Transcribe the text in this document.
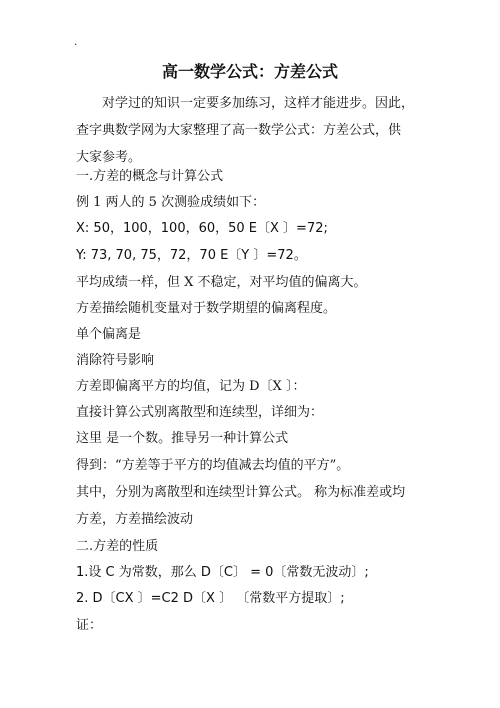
.
高一数学公式：方差公式
对学过的知识一定要多加练习，这样才能进步。因此，
查字典数学网为大家整理了高一数学公式：方差公式，供
大家参考。
一.方差的概念与计算公式
例 1 两人的 5 次测验成绩如下：
X: 50，100，100，60，50 E〔X 〕=72;
Y: 73, 70, 75，72，70 E〔Y 〕=72。
平均成绩一样，但 X 不稳定，对平均值的偏离大。
方差描绘随机变量对于数学期望的偏离程度。
单个偏离是
消除符号影响
方差即偏离平方的均值，记为 D〔X 〕：
直接计算公式别离散型和连续型，详细为：
这里 是一个数。推导另一种计算公式
得到：“方差等于平方的均值减去均值的平方”。
其中，分别为离散型和连续型计算公式。 称为标准差或均
方差，方差描绘波动
二.方差的性质
1.设 C 为常数，那么 D〔C〕 = 0〔常数无波动〕;
2. D〔CX 〕=C2 D〔X 〕 〔常数平方提取〕;
证：
